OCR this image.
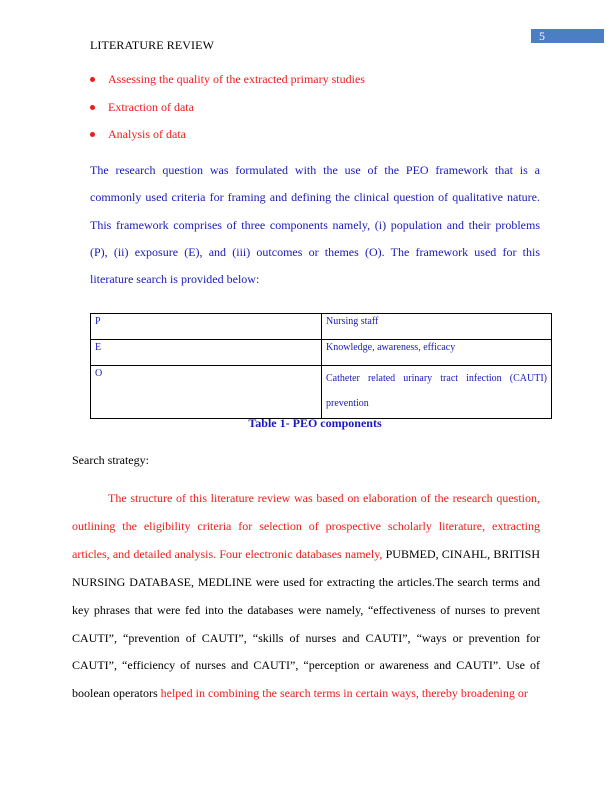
5
LITERATURE REVIEW
Assessing the quality of the extracted primary studies
Extraction of data
Analysis of data

The research question was formulated with the use of the PEO framework that is a commonly used criteria for framing and defining the clinical question of qualitative nature. This framework comprises of three components namely, (i) population and their problems (P), (ii) exposure (E), and (iii) outcomes or themes (O). The framework used for this literature search is provided below:

P	Nursing staff
E	Knowledge, awareness, efficacy
O	Catheter related urinary tract infection (CAUTI) prevention
Table 1- PEO components
Search strategy:

The structure of this literature review was based on elaboration of the research question, outlining the eligibility criteria for selection of prospective scholarly literature, extracting articles, and detailed analysis. Four electronic databases namely, PUBMED, CINAHL, BRITISH NURSING DATABASE, MEDLINE were used for extracting the articles.The search terms and key phrases that were fed into the databases were namely, “effectiveness of nurses to prevent CAUTI”, “prevention of CAUTI”, “skills of nurses and CAUTI”, “ways or prevention for CAUTI”, “efficiency of nurses and CAUTI”, “perception or awareness and CAUTI”. Use of boolean operators helped in combining the search terms in certain ways, thereby broadening or
